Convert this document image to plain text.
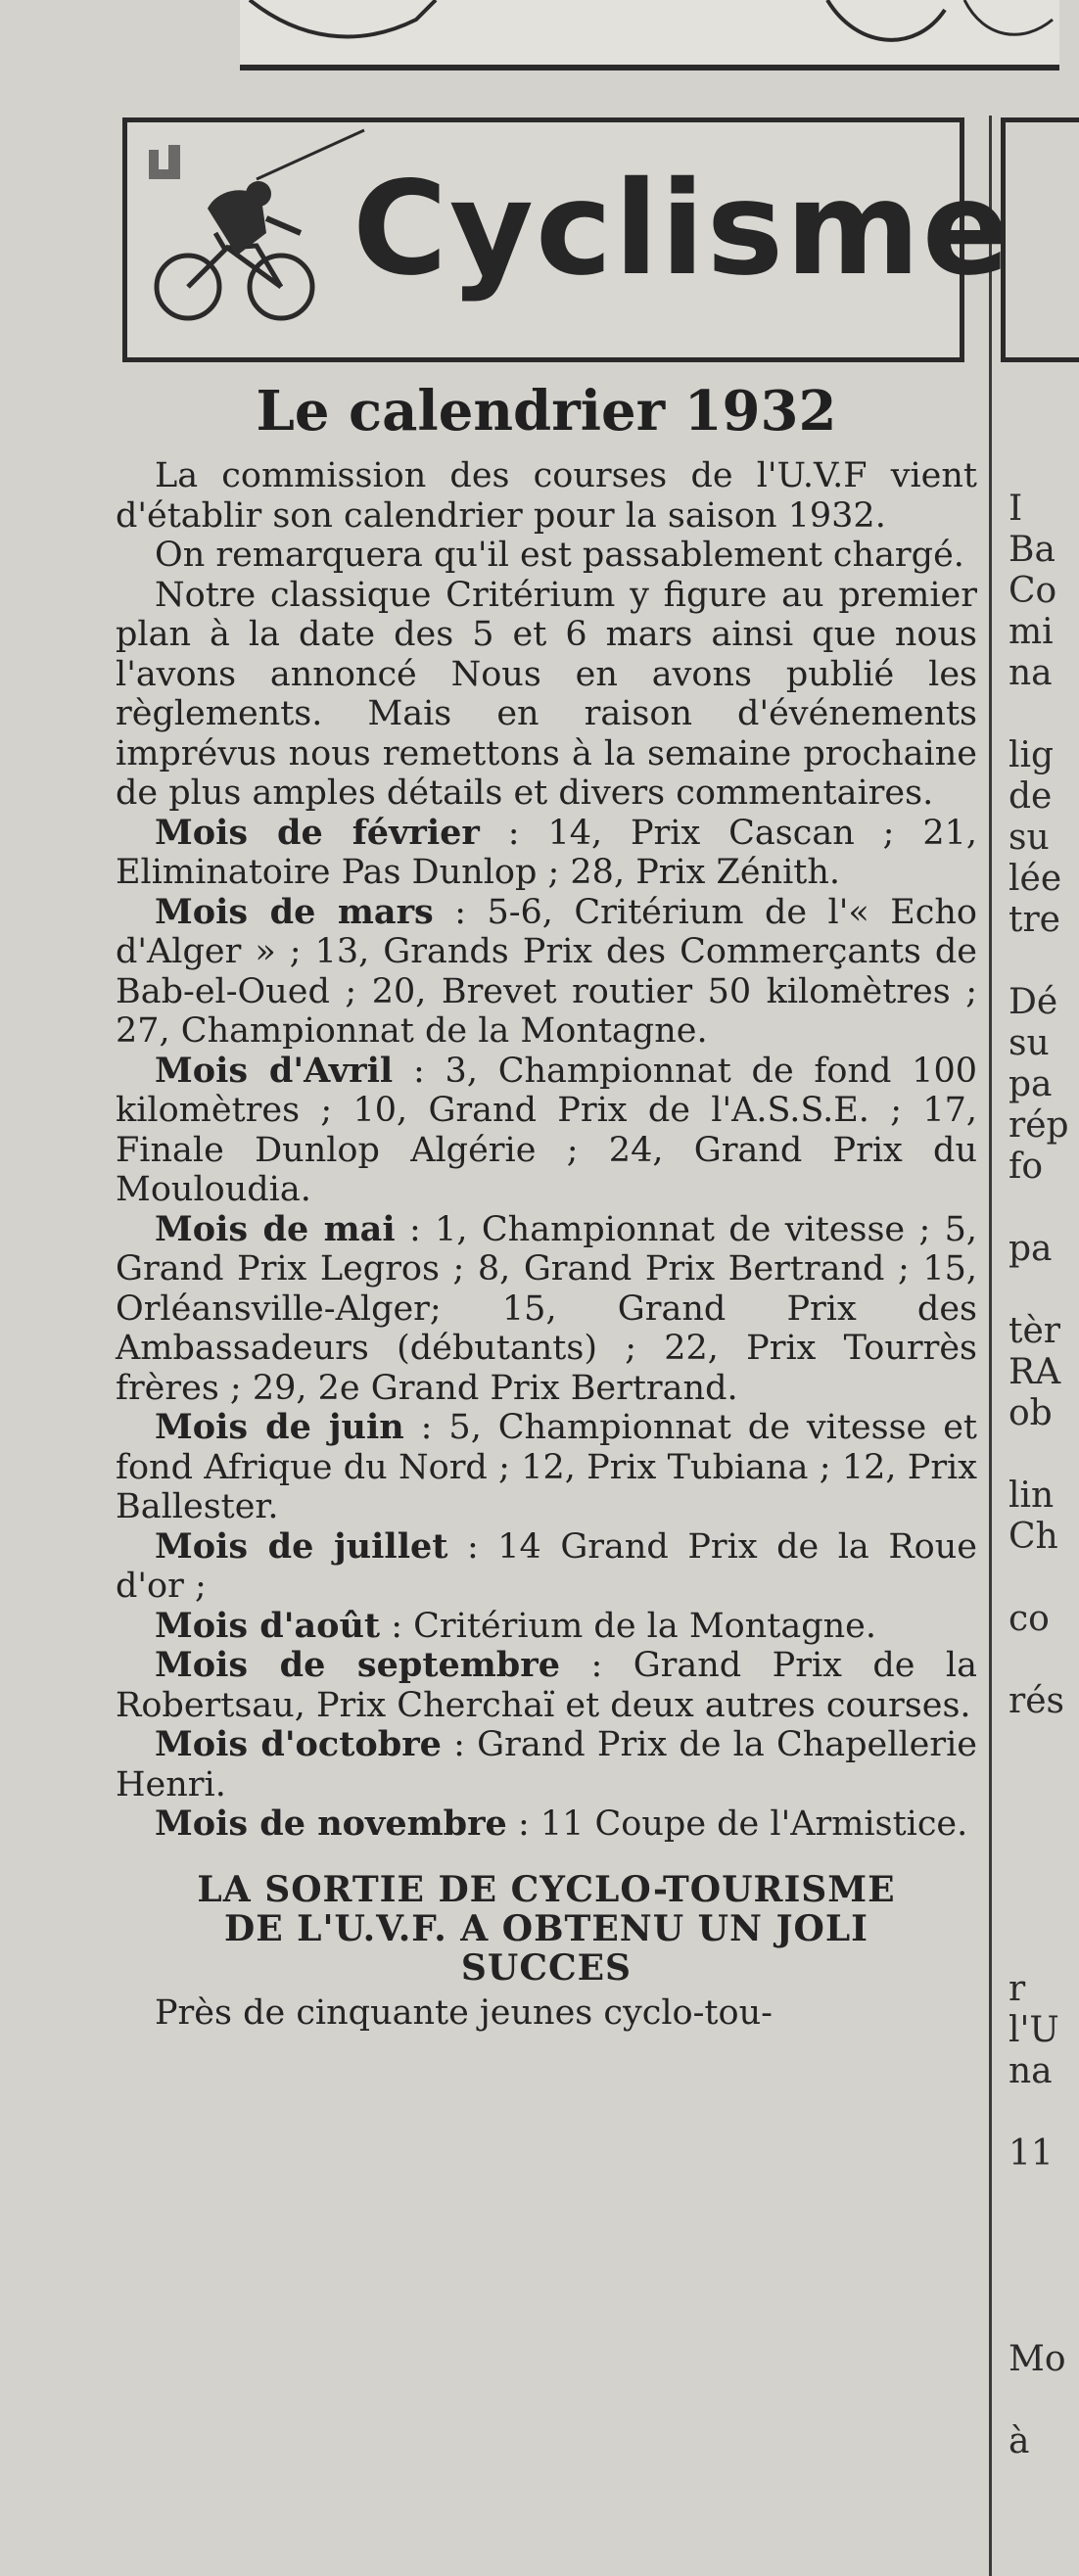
Cyclisme
I
Ba
Co
mi
na
lig
de
su
lée
tre
Dé
su
pa
rép
fo
pa
tèr
RA
ob
lin
Ch
co
rés
r
l'U
na
11
Mo
à
Le calendrier 1932

La commission des courses de l'U.V.F vient d'établir son calendrier pour la saison 1932.

On remarquera qu'il est passablement chargé.

Notre classique Critérium y figure au premier plan à la date des 5 et 6 mars ainsi que nous l'avons annoncé Nous en avons publié les règlements. Mais en raison d'événements imprévus nous remettons à la semaine prochaine de plus amples détails et divers commentaires.

Mois de février : 14, Prix Cascan ; 21, Eliminatoire Pas Dunlop ; 28, Prix Zénith.

Mois de mars : 5-6, Critérium de l'« Echo d'Alger » ; 13, Grands Prix des Commerçants de Bab-el-Oued ; 20, Brevet routier 50 kilomètres ; 27, Championnat de la Montagne.

Mois d'Avril : 3, Championnat de fond 100 kilomètres ; 10, Grand Prix de l'A.S.S.E. ; 17, Finale Dunlop Algérie ; 24, Grand Prix du Mouloudia.

Mois de mai : 1, Championnat de vitesse ; 5, Grand Prix Legros ; 8, Grand Prix Bertrand ; 15, Orléansville-Alger; 15, Grand Prix des Ambassadeurs (débutants) ; 22, Prix Tourrès frères ; 29, 2e Grand Prix Bertrand.

Mois de juin : 5, Championnat de vitesse et fond Afrique du Nord ; 12, Prix Tubiana ; 12, Prix Ballester.

Mois de juillet : 14 Grand Prix de la Roue d'or ;

Mois d'août : Critérium de la Montagne.

Mois de septembre : Grand Prix de la Robertsau, Prix Cherchaï et deux autres courses.

Mois d'octobre : Grand Prix de la Chapellerie Henri.

Mois de novembre : 11 Coupe de l'Armistice.

LA SORTIE DE CYCLO-TOURISME
DE L'U.V.F. A OBTENU UN JOLI
SUCCES

Près de cinquante jeunes cyclo-tou-
